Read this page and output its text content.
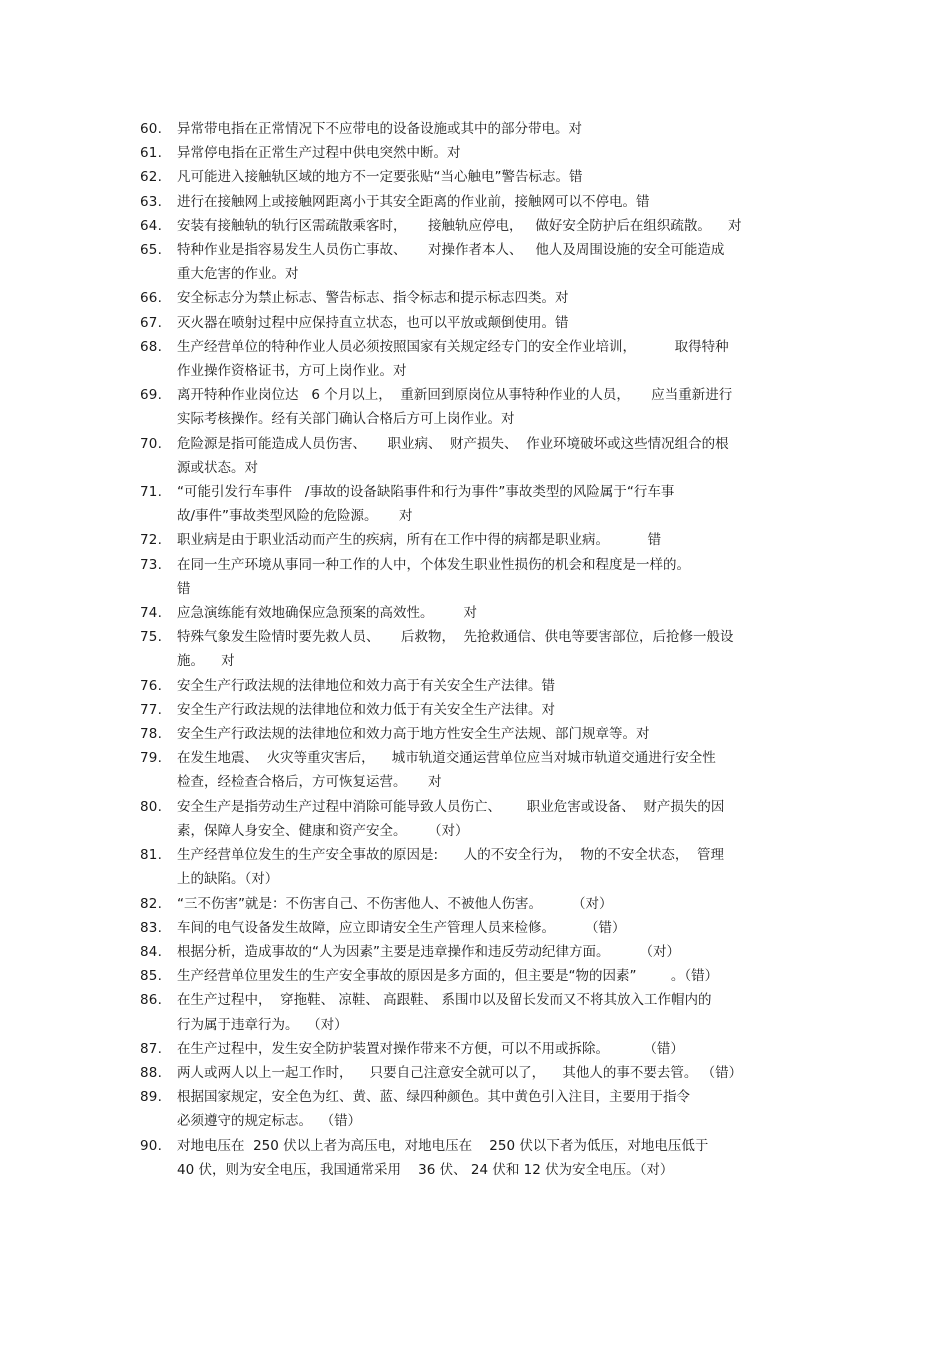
60.	异常带电指在正常情况下不应带电的设备设施或其中的部分带电。对
61.	异常停电指在正常生产过程中供电突然中断。对
62.	凡可能进入接触轨区域的地方不一定要张贴“当心触电”警告标志。错
63.	进行在接触网上或接触网距离小于其安全距离的作业前，接触网可以不停电。错
64.	安装有接触轨的轨行区需疏散乘客时，     接触轨应停电，   做好安全防护后在组织疏散。    对
65.	特种作业是指容易发生人员伤亡事故、     对操作者本人、   他人及周围设施的安全可能造成
重大危害的作业。对
66.	安全标志分为禁止标志、警告标志、指令标志和提示标志四类。对
67.	灭火器在喷射过程中应保持直立状态，也可以平放或颠倒使用。错
68.	生产经营单位的特种作业人员必须按照国家有关规定经专门的安全作业培训，         取得特种
作业操作资格证书，方可上岗作业。对
69.	离开特种作业岗位达   6 个月以上，  重新回到原岗位从事特种作业的人员，     应当重新进行
实际考核操作。经有关部门确认合格后方可上岗作业。对
70.	危险源是指可能造成人员伤害、     职业病、  财产损失、  作业环境破坏或这些情况组合的根
源或状态。对
71.	“可能引发行车事件   /事故的设备缺陷事件和行为事件”事故类型的风险属于“行车事
故/事件”事故类型风险的危险源。     对
72.	职业病是由于职业活动而产生的疾病，所有在工作中得的病都是职业病。         错
73.	在同一生产环境从事同一种工作的人中，个体发生职业性损伤的机会和程度是一样的。
错
74.	应急演练能有效地确保应急预案的高效性。       对
75.	特殊气象发生险情时要先救人员、     后救物，  先抢救通信、供电等要害部位，后抢修一般设
施。    对
76.	安全生产行政法规的法律地位和效力高于有关安全生产法律。错
77.	安全生产行政法规的法律地位和效力低于有关安全生产法律。对
78.	安全生产行政法规的法律地位和效力高于地方性安全生产法规、部门规章等。对
79.	在发生地震、  火灾等重灾害后，    城市轨道交通运营单位应当对城市轨道交通进行安全性
检查，经检查合格后，方可恢复运营。     对
80.	安全生产是指劳动生产过程中消除可能导致人员伤亡、      职业危害或设备、  财产损失的因
素，保障人身安全、健康和资产安全。     （对）
81.	生产经营单位发生的生产安全事故的原因是:      人的不安全行为，  物的不安全状态，  管理
上的缺陷。（对）
82.	“三不伤害”就是：不伤害自己、不伤害他人、不被他人伤害。       （对）
83.	车间的电气设备发生故障，应立即请安全生产管理人员来检修。       （错）
84.	根据分析，造成事故的“人为因素”主要是违章操作和违反劳动纪律方面。       （对）
85.	生产经营单位里发生的生产安全事故的原因是多方面的，但主要是“物的因素”        。（错）
86.	在生产过程中，  穿拖鞋、 凉鞋、 高跟鞋、 系围巾以及留长发而又不将其放入工作帽内的
行为属于违章行为。  （对）
87.	在生产过程中，发生安全防护装置对操作带来不方便，可以不用或拆除。        （错）
88.	两人或两人以上一起工作时，    只要自己注意安全就可以了，    其他人的事不要去管。 （错）
89.	根据国家规定，安全色为红、黄、蓝、绿四种颜色。其中黄色引入注目，主要用于指令
必须遵守的规定标志。  （错）
90.	对地电压在  250 伏以上者为高压电，对地电压在    250 伏以下者为低压，对地电压低于
40 伏，则为安全电压，我国通常采用    36 伏、 24 伏和 12 伏为安全电压。（对）
